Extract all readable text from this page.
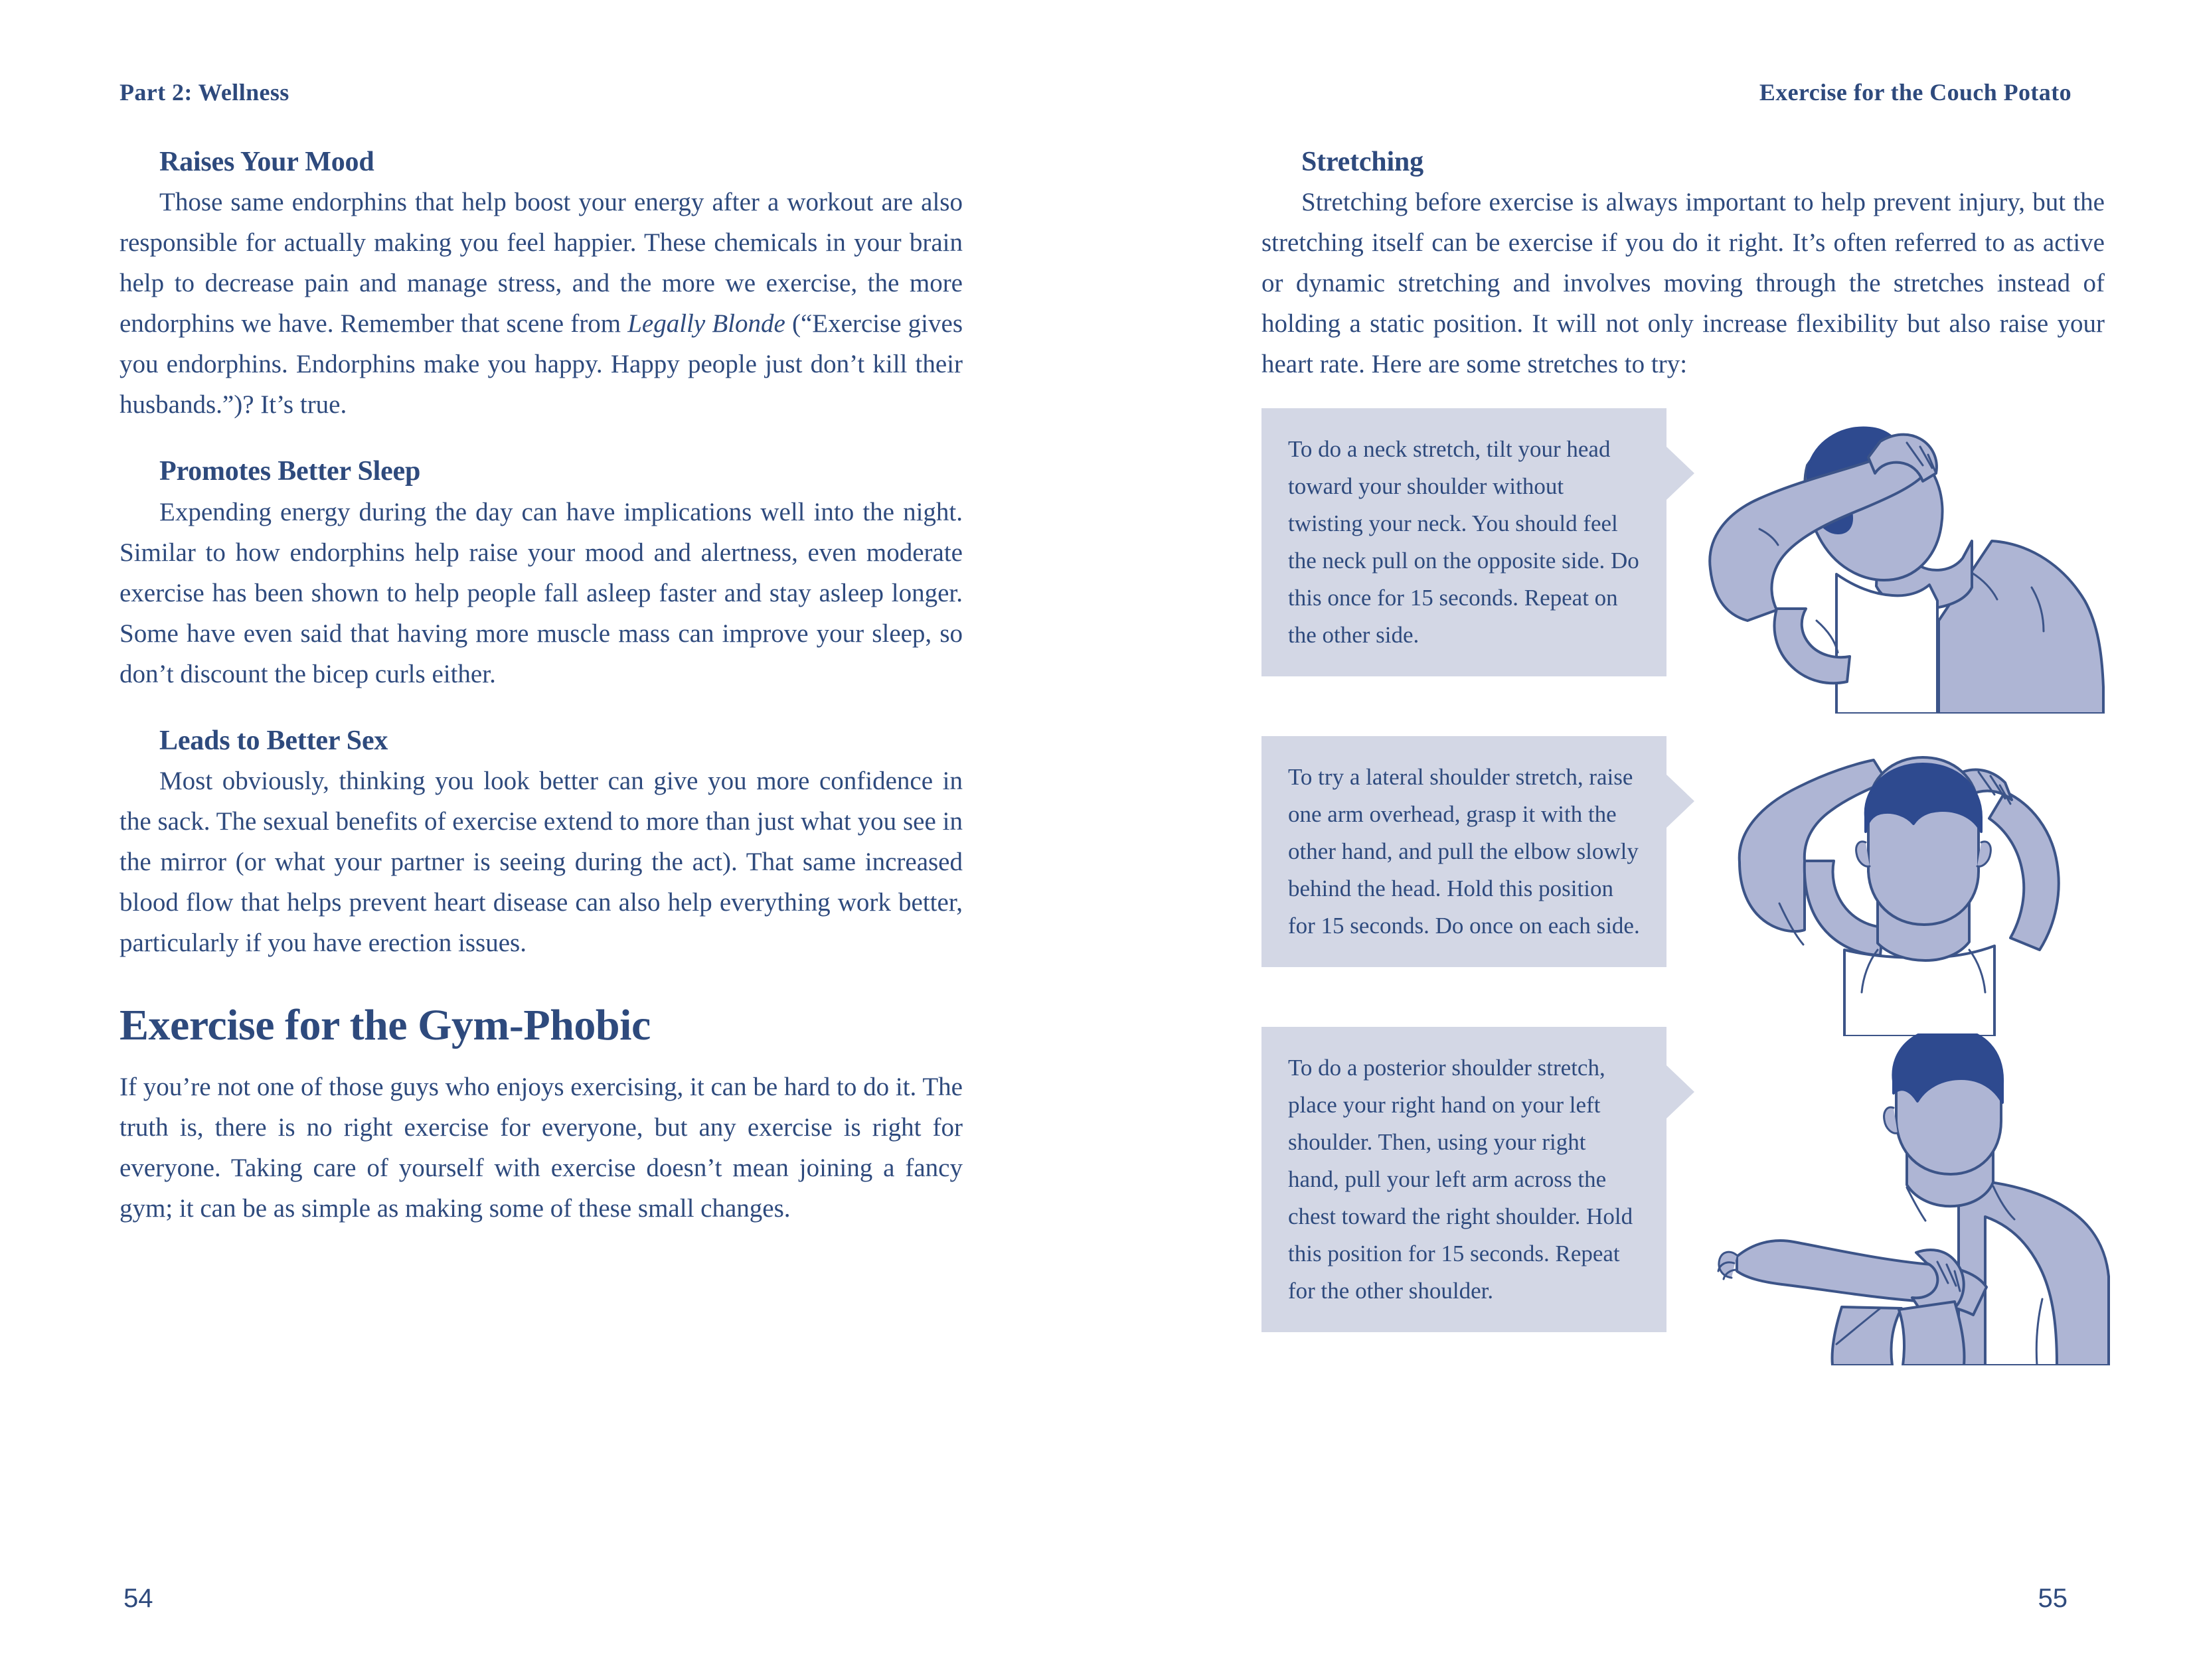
Part 2: Wellness	Exercise for the Couch Potato
Raises Your Mood

Those same endorphins that help boost your energy after a workout are also responsible for actually making you feel happier. These chemicals in your brain help to decrease pain and manage stress, and the more we exercise, the more endorphins we have. Remember that scene from Legally Blonde (“Exercise gives you endorphins. Endorphins make you happy. Happy people just don’t kill their husbands.”)? It’s true.

Promotes Better Sleep

Expending energy during the day can have implications well into the night. Similar to how endorphins help raise your mood and alertness, even moderate exercise has been shown to help people fall asleep faster and stay asleep longer. Some have even said that having more muscle mass can improve your sleep, so don’t discount the bicep curls either.

Leads to Better Sex

Most obviously, thinking you look better can give you more confidence in the sack. The sexual benefits of exercise extend to more than just what you see in the mirror (or what your partner is seeing during the act). That same increased blood flow that helps prevent heart disease can also help everything work better, particularly if you have erection issues.

Exercise for the Gym-Phobic

If you’re not one of those guys who enjoys exercising, it can be hard to do it. The truth is, there is no right exercise for everyone, but any exercise is right for everyone. Taking care of yourself with exercise doesn’t mean joining a fancy gym; it can be as simple as making some of these small changes.

Stretching

Stretching before exercise is always important to help prevent injury, but the stretching itself can be exercise if you do it right. It’s often referred to as active or dynamic stretching and involves moving through the stretches instead of holding a static position. It will not only increase flexibility but also raise your heart rate. Here are some stretches to try:

To do a neck stretch, tilt your head toward your shoulder without twisting your neck. You should feel the neck pull on the opposite side. Do this once for 15 seconds. Repeat on the other side.

To try a lateral shoulder stretch, raise one arm overhead, grasp it with the other hand, and pull the elbow slowly behind the head. Hold this position for 15 seconds. Do once on each side.

To do a posterior shoulder stretch, place your right hand on your left shoulder. Then, using your right hand, pull your left arm across the chest toward the right shoulder. Hold this position for 15 seconds. Repeat for the other shoulder.

54	55
